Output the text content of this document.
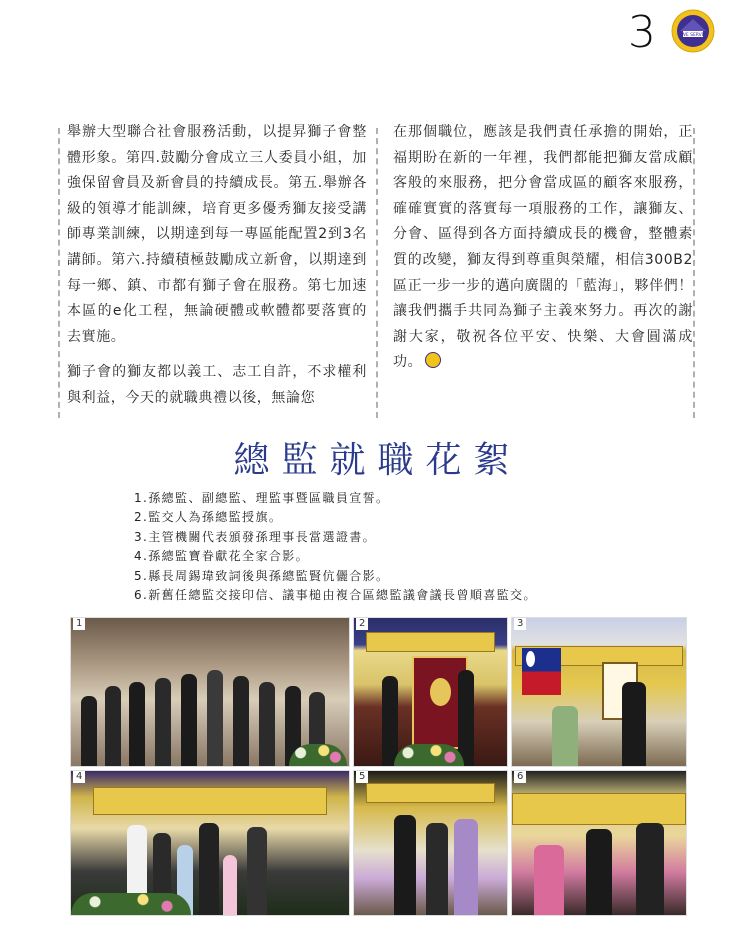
3	WE SERVE

舉辦大型聯合社會服務活動，以提昇獅子會整體形象。第四.鼓勵分會成立三人委員小組，加強保留會員及新會員的持續成長。第五.舉辦各級的領導才能訓練，培育更多優秀獅友接受講師專業訓練，以期達到每一專區能配置2到3名講師。第六.持續積極鼓勵成立新會，以期達到每一鄉、鎮、市都有獅子會在服務。第七加速本區的e化工程，無論硬體或軟體都要落實的去實施。

獅子會的獅友都以義工、志工自許，不求權利與利益，今天的就職典禮以後，無論您

在那個職位，應該是我們責任承擔的開始，正福期盼在新的一年裡，我們都能把獅友當成顧客般的來服務，把分會當成區的顧客來服務，確確實實的落實每一項服務的工作，讓獅友、分會、區得到各方面持續成長的機會，整體素質的改變，獅友得到尊重與榮耀，相信300B2區正一步一步的邁向廣闊的「藍海」，夥伴們！讓我們攜手共同為獅子主義來努力。再次的謝謝大家，敬祝各位平安、快樂、大會圓滿成功。

總監就職花絮
1.孫總監、副總監、理監事暨區職員宣誓。
2.監交人為孫總監授旗。
3.主管機關代表頒發孫理事長當選證書。
4.孫總監寶眷獻花全家合影。
5.縣長周錫瑋致詞後與孫總監賢伉儷合影。
6.新舊任總監交接印信、議事槌由複合區總監議會議長曾順喜監交。
1	2	3
4	5	6
